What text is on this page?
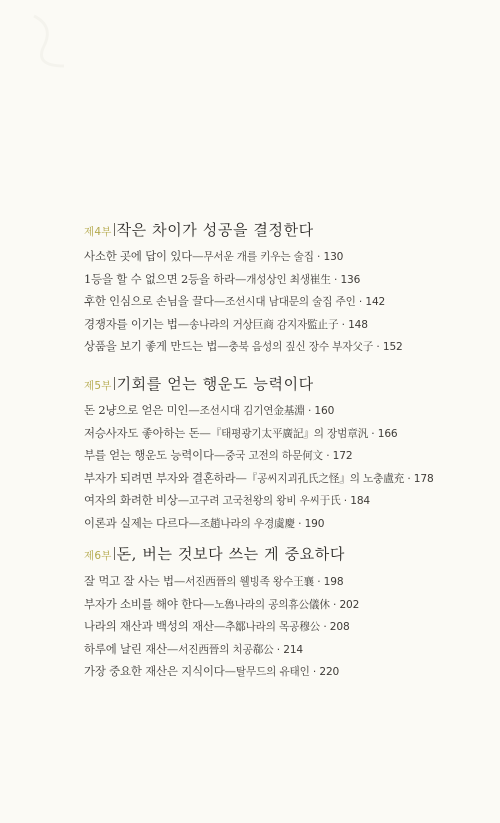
제4부 작은 차이가 성공을 결정한다
사소한 곳에 답이 있다—무서운 개를 키우는 술집 · 130
1등을 할 수 없으면 2등을 하라—개성상인 최생崔生 · 136
후한 인심으로 손님을 끌다—조선시대 남대문의 술집 주인 · 142
경쟁자를 이기는 법—송나라의 거상巨商 감지자監止子 · 148
상품을 보기 좋게 만드는 법—충북 음성의 짚신 장수 부자父子 · 152
제5부 기회를 얻는 행운도 능력이다
돈 2냥으로 얻은 미인—조선시대 김기연金基淵 · 160
저승사자도 좋아하는 돈—『태평광기太平廣記』의 장범章汎 · 166
부를 얻는 행운도 능력이다—중국 고전의 하문何文 · 172
부자가 되려면 부자와 결혼하라—『공씨지괴孔氏之怪』의 노충盧充 · 178
여자의 화려한 비상—고구려 고국천왕의 왕비 우씨于氏 · 184
이론과 실제는 다르다—조趙나라의 우경虞慶 · 190
제6부 돈, 버는 것보다 쓰는 게 중요하다
잘 먹고 잘 사는 법—서진西晉의 웰빙족 왕수王襄 · 198
부자가 소비를 해야 한다—노魯나라의 공의휴公儀休 · 202
나라의 재산과 백성의 재산—추鄒나라의 목공穆公 · 208
하루에 날린 재산—서진西晉의 치공郗公 · 214
가장 중요한 재산은 지식이다—탈무드의 유태인 · 220
